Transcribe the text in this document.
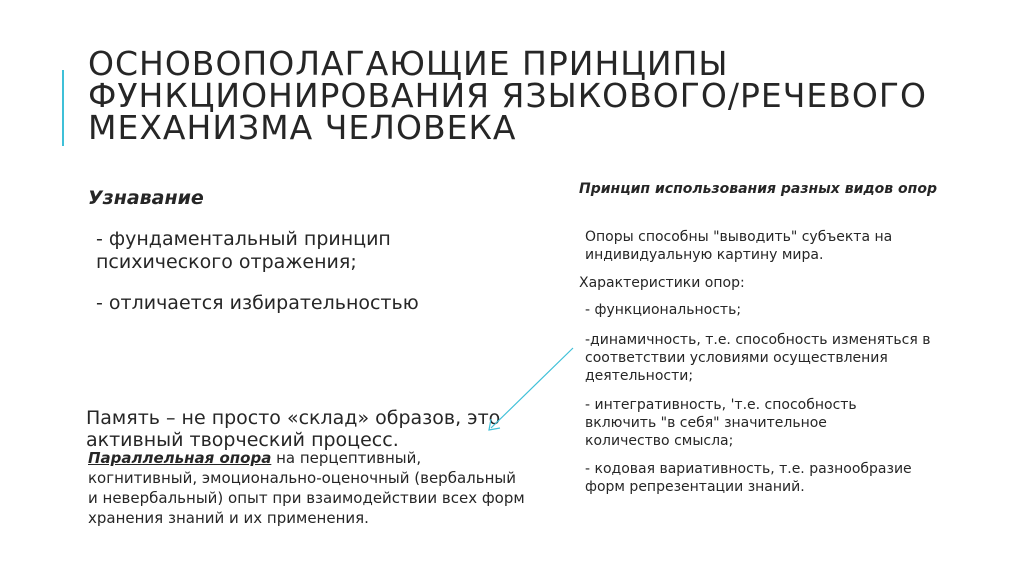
ОСНОВОПОЛАГАЮЩИЕ ПРИНЦИПЫ
ФУНКЦИОНИРОВАНИЯ ЯЗЫКОВОГО/РЕЧЕВОГО
МЕХАНИЗМА ЧЕЛОВЕКА
Узнавание
- фундаментальный принцип психического отражения;
- отличается избирательностью
Память – не просто «склад» образов, это активный творческий процесс.
Параллельная опора на перцептивный, когнитивный, эмоционально-оценочный (вербальный и невербальный) опыт при взаимодействии всех форм хранения знаний и их применения.
Принцип использования разных видов опор
Опоры способны "выводить" субъекта на индивидуальную картину мира.
Характеристики опор:
- функциональность;
-динамичность, т.е. способность изменяться в соответствии условиями осуществления деятельности;
- интегративность, 'т.е. способность включить "в себя" значительное количество смысла;
- кодовая вариативность, т.е. разнообразие форм репрезентации знаний.
